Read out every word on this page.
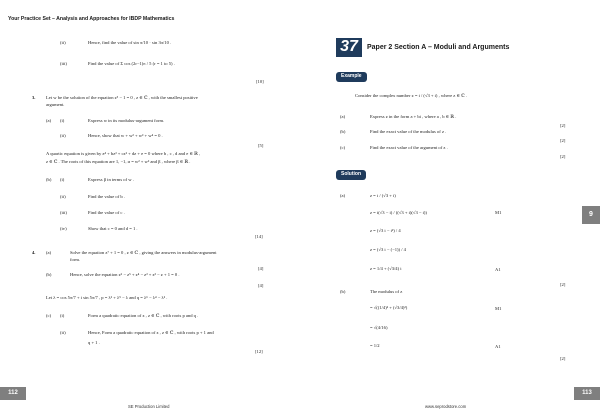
Your Practice Set – Analysis and Approaches for IBDP Mathematics
(ii)	Hence, find the value of sin π/10 · sin 3π/10 .
(iii)	Find the value of Σ cos (2r−1)π / 5 (r = 1 to 5) .
[10]
3. Let w be the solution of the equation z⁵ − 1 = 0 , z ∈ ℂ , with the smallest positive
argument.
(a) (i)	Express w in its modulus-argument form.
(ii)	Hence, show that w + w² + w³ + w⁴ = 0 .
[5]
A quartic equation is given by z⁴ + bz³ + cz² + dz + e = 0 where b , c , d and e ∈ ℝ ,
z ∈ ℂ . The roots of this equation are 1, −1, α = w² + w³ and β , where β ∈ ℝ .
(b) (i)	Express β in terms of w .
(ii)	Find the value of b .
(iii)	Find the value of c .
(iv)	Show that c = 0 and d = 1 .
[14]
4. (a)	Solve the equation z⁷ + 1 = 0 , z ∈ ℂ , giving the answers in modulus-argument
form.
[4]
(b)	Hence, solve the equation z⁶ − z⁵ + z⁴ − z³ + z² − z + 1 = 0 .
[4]
Let λ = cos 5π/7 + i sin 5π/7 , p = λ³ + λ⁵ − λ and q = λ⁶ − λ⁴ − λ² .
(c) (i)	Form a quadratic equation of z , z ∈ ℂ , with roots p and q .
(ii)	Hence, Form a quadratic equation of z , z ∈ ℂ , with roots p + 1 and
q + 1 .
[12]
112
SE Production Limited
37	Paper 2 Section A – Moduli and Arguments
Example
Consider the complex number z = i / (√3 + i) , where z ∈ ℂ .
(a)	Express z in the form a + bi , where a , b ∈ ℝ .
[2]
(b)	Find the exact value of the modulus of z .
[2]
(c)	Find the exact value of the argument of z .
[2]
Solution
(a)	z = i / (√3 + i)
z = i(√3 − i) / ((√3 + i)(√3 − i))	M1
z = (√3 i − i²) / 4
z = (√3 i − (−1)) / 4
z = 1/4 + (√3/4) i	A1
[2]
(b)	The modulus of z
= √((1/4)² + (√3/4)²)	M1
= √(4/16)
= 1/2	A1
[2]
9
113
www.seprodstore.com
